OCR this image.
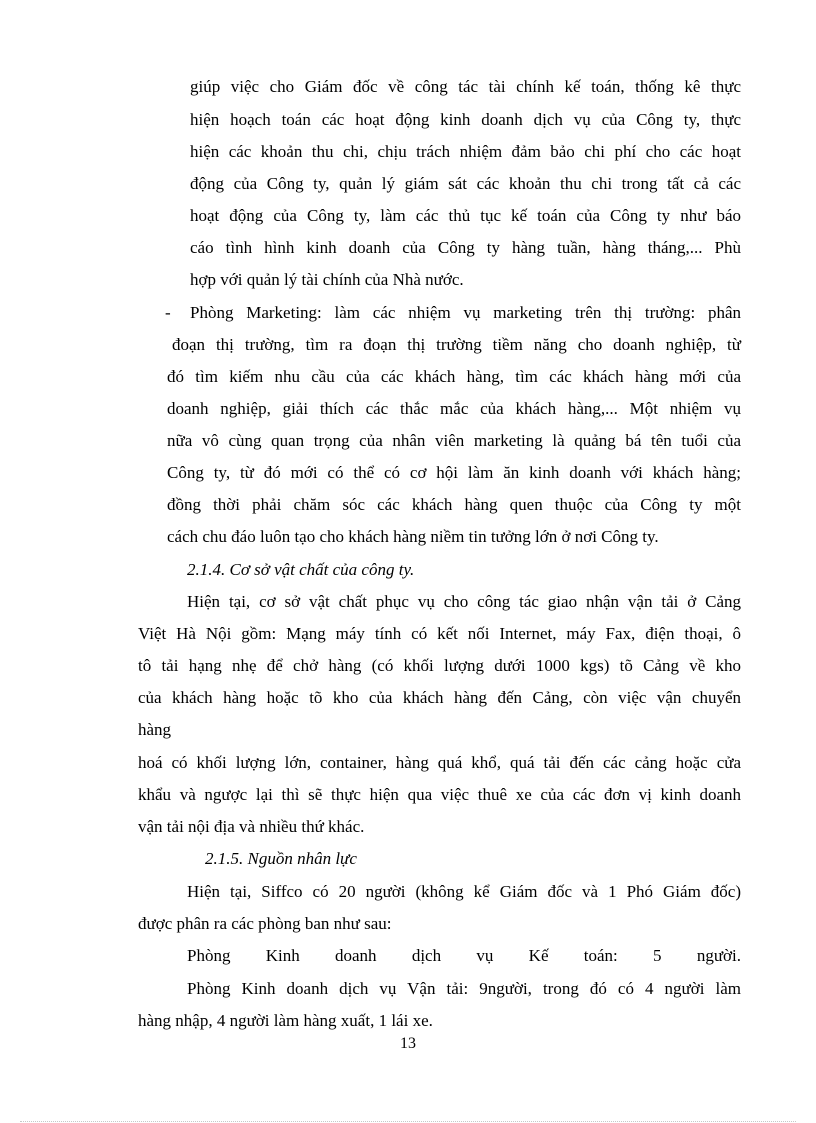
giúp việc cho Giám đốc về công tác tài chính kế toán, thống kê thực
hiện hoạch toán các hoạt động kinh doanh dịch vụ của Công ty, thực
hiện các khoản thu chi, chịu trách nhiệm đảm bảo chi phí cho các hoạt
động của Công ty, quản lý giám sát các khoản thu chi trong tất cả các
hoạt động của Công ty, làm các thủ tục kế toán của Công ty như báo
cáo tình hình kinh doanh của Công ty hàng tuần, hàng tháng,... Phù
hợp với quản lý tài chính của Nhà nước.
- Phòng Marketing: làm các nhiệm vụ marketing trên thị trường: phân
đoạn thị trường, tìm ra đoạn thị trường tiềm năng cho doanh nghiệp, từ
đó tìm kiếm nhu cầu của các khách hàng, tìm các khách hàng mới của
doanh nghiệp, giải thích các thắc mắc của khách hàng,... Một nhiệm vụ
nữa vô cùng quan trọng của nhân viên marketing là quảng bá tên tuổi của
Công ty, từ đó mới có thể có cơ hội làm ăn kinh doanh với khách hàng;
đồng thời phải chăm sóc các khách hàng quen thuộc của Công ty một
cách chu đáo luôn tạo cho khách hàng niềm tin tưởng lớn ở nơi Công ty.
2.1.4. Cơ sở vật chất của công ty.
Hiện tại, cơ sở vật chất phục vụ cho công tác giao nhận vận tải ở Cảng
Việt Hà Nội gồm: Mạng máy tính có kết nối Internet, máy Fax, điện thoại, ô
tô tải hạng nhẹ để chở hàng (có khối lượng dưới 1000 kgs) tõ Cảng về kho
của khách hàng hoặc tõ kho của khách hàng đến Cảng, còn việc vận chuyển
hàng
hoá có khối lượng lớn, container, hàng quá khổ, quá tải đến các cảng hoặc cửa
khẩu và ngược lại thì sẽ thực hiện qua việc thuê xe của các đơn vị kinh doanh
vận tải nội địa và nhiều thứ khác.
2.1.5. Nguồn nhân lực
Hiện tại, Siffco có 20 người (không kể Giám đốc và 1 Phó Giám đốc)
được phân ra các phòng ban như sau:
Phòng Kinh doanh dịch vụ Kế toán: 5 người.
Phòng Kinh doanh dịch vụ Vận tải: 9người, trong đó có 4 người làm
hàng nhập, 4 người làm hàng xuất, 1 lái xe.
13
